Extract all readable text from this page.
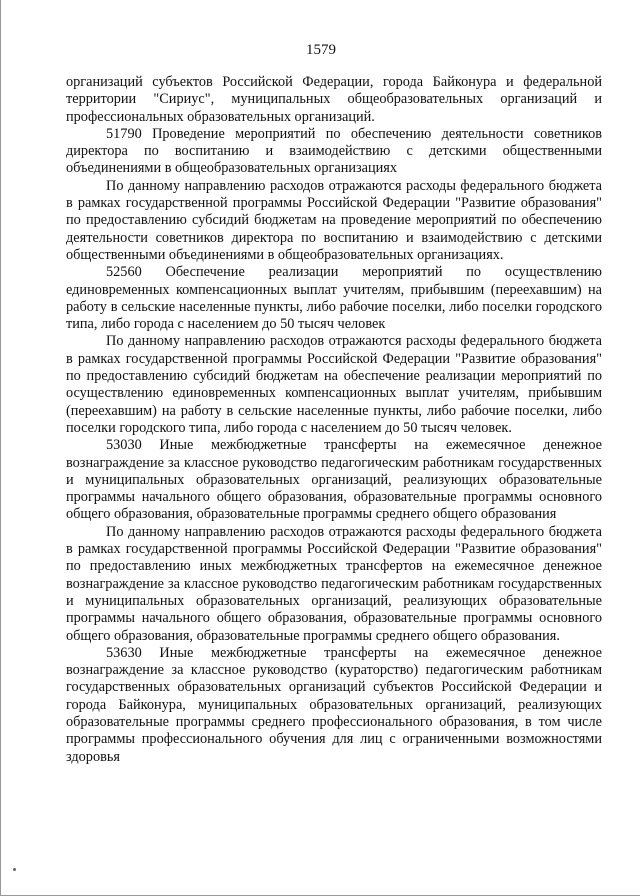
1579

организаций субъектов Российской Федерации, города Байконура и федеральной территории "Сириус", муниципальных общеобразовательных организаций и профессиональных образовательных организаций.

51790 Проведение мероприятий по обеспечению деятельности советников директора по воспитанию и взаимодействию с детскими общественными объединениями в общеобразовательных организациях

По данному направлению расходов отражаются расходы федерального бюджета в рамках государственной программы Российской Федерации "Развитие образования" по предоставлению субсидий бюджетам на проведение мероприятий по обеспечению деятельности советников директора по воспитанию и взаимодействию с детскими общественными объединениями в общеобразовательных организациях.

52560 Обеспечение реализации мероприятий по осуществлению единовременных компенсационных выплат учителям, прибывшим (переехавшим) на работу в сельские населенные пункты, либо рабочие поселки, либо поселки городского типа, либо города с населением до 50 тысяч человек

По данному направлению расходов отражаются расходы федерального бюджета в рамках государственной программы Российской Федерации "Развитие образования" по предоставлению субсидий бюджетам на обеспечение реализации мероприятий по осуществлению единовременных компенсационных выплат учителям, прибывшим (переехавшим) на работу в сельские населенные пункты, либо рабочие поселки, либо поселки городского типа, либо города с населением до 50 тысяч человек.

53030 Иные межбюджетные трансферты на ежемесячное денежное вознаграждение за классное руководство педагогическим работникам государственных и муниципальных образовательных организаций, реализующих образовательные программы начального общего образования, образовательные программы основного общего образования, образовательные программы среднего общего образования

По данному направлению расходов отражаются расходы федерального бюджета в рамках государственной программы Российской Федерации "Развитие образования" по предоставлению иных межбюджетных трансфертов на ежемесячное денежное вознаграждение за классное руководство педагогическим работникам государственных и муниципальных образовательных организаций, реализующих образовательные программы начального общего образования, образовательные программы основного общего образования, образовательные программы среднего общего образования.

53630 Иные межбюджетные трансферты на ежемесячное денежное вознаграждение за классное руководство (кураторство) педагогическим работникам государственных образовательных организаций субъектов Российской Федерации и города Байконура, муниципальных образовательных организаций, реализующих образовательные программы среднего профессионального образования, в том числе программы профессионального обучения для лиц с ограниченными возможностями здоровья
